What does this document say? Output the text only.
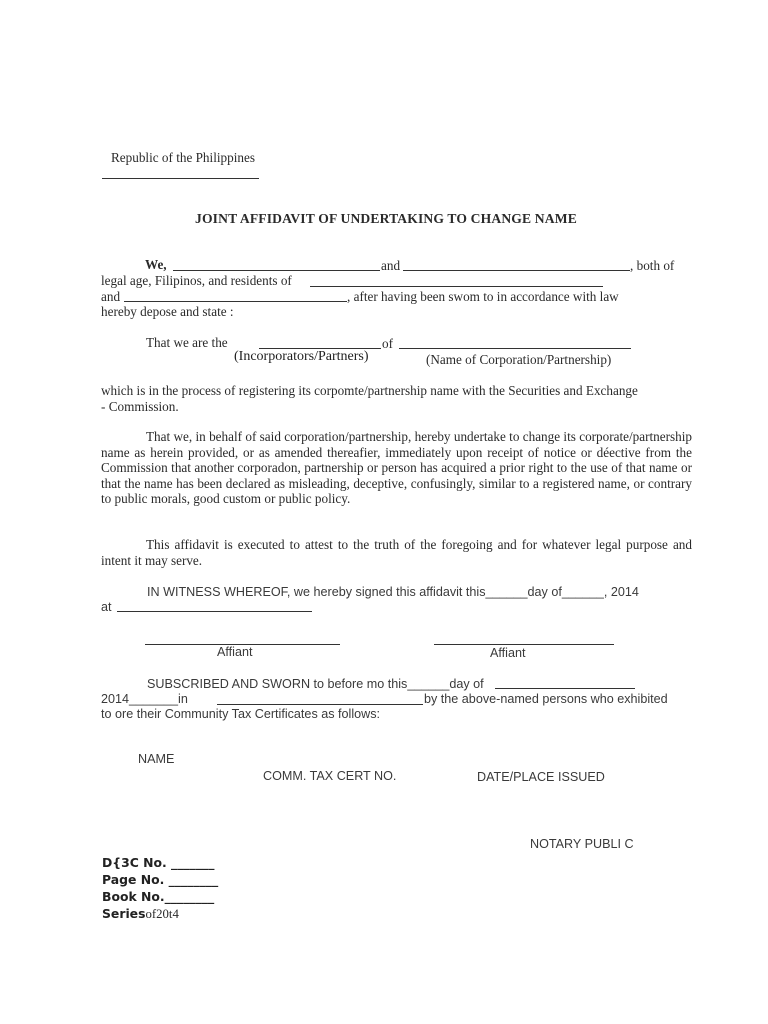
Republic of the Philippines
JOINT AFFIDAVIT OF UNDERTAKING TO CHANGE NAME
We,	and	, both of
legal age, Filipinos, and residents of
and	, after having been swom to in accordance with law
hereby depose and state :
That we are the	of
(Incorporators/Partners)	(Name of Corporation/Partnership)
which is in the process of registering its corpomte/partnership name with the Securities and Exchange
- Commission.

That we, in behalf of said corporation/partnership, hereby undertake to change its corporate/partnership name as herein provided, or as amended thereafier, immediately upon receipt of notice or déective from the Commission that another corporadon, partnership or person has acquired a prior right to the use of that name or that the name has been declared as misleading, deceptive, confusingly, similar to a registered name, or contrary to public morals, good custom or public policy.

This affidavit is executed to attest to the truth of the foregoing and for whatever legal purpose and intent it may serve.

IN WITNESS WHEREOF, we hereby signed this affidavit this______day of______, 2014
at
Affiant	Affiant
SUBSCRIBED AND SWORN to before mo this______day of
2014_______in	by the above-named persons who exhibited
to ore their Community Tax Certificates as follows:
NAME
COMM. TAX CERT NO.	DATE/PLACE ISSUED
NOTARY PUBLI C
D{3C No. _______
Page No. ________
Book No.________
Seriesof20t4
